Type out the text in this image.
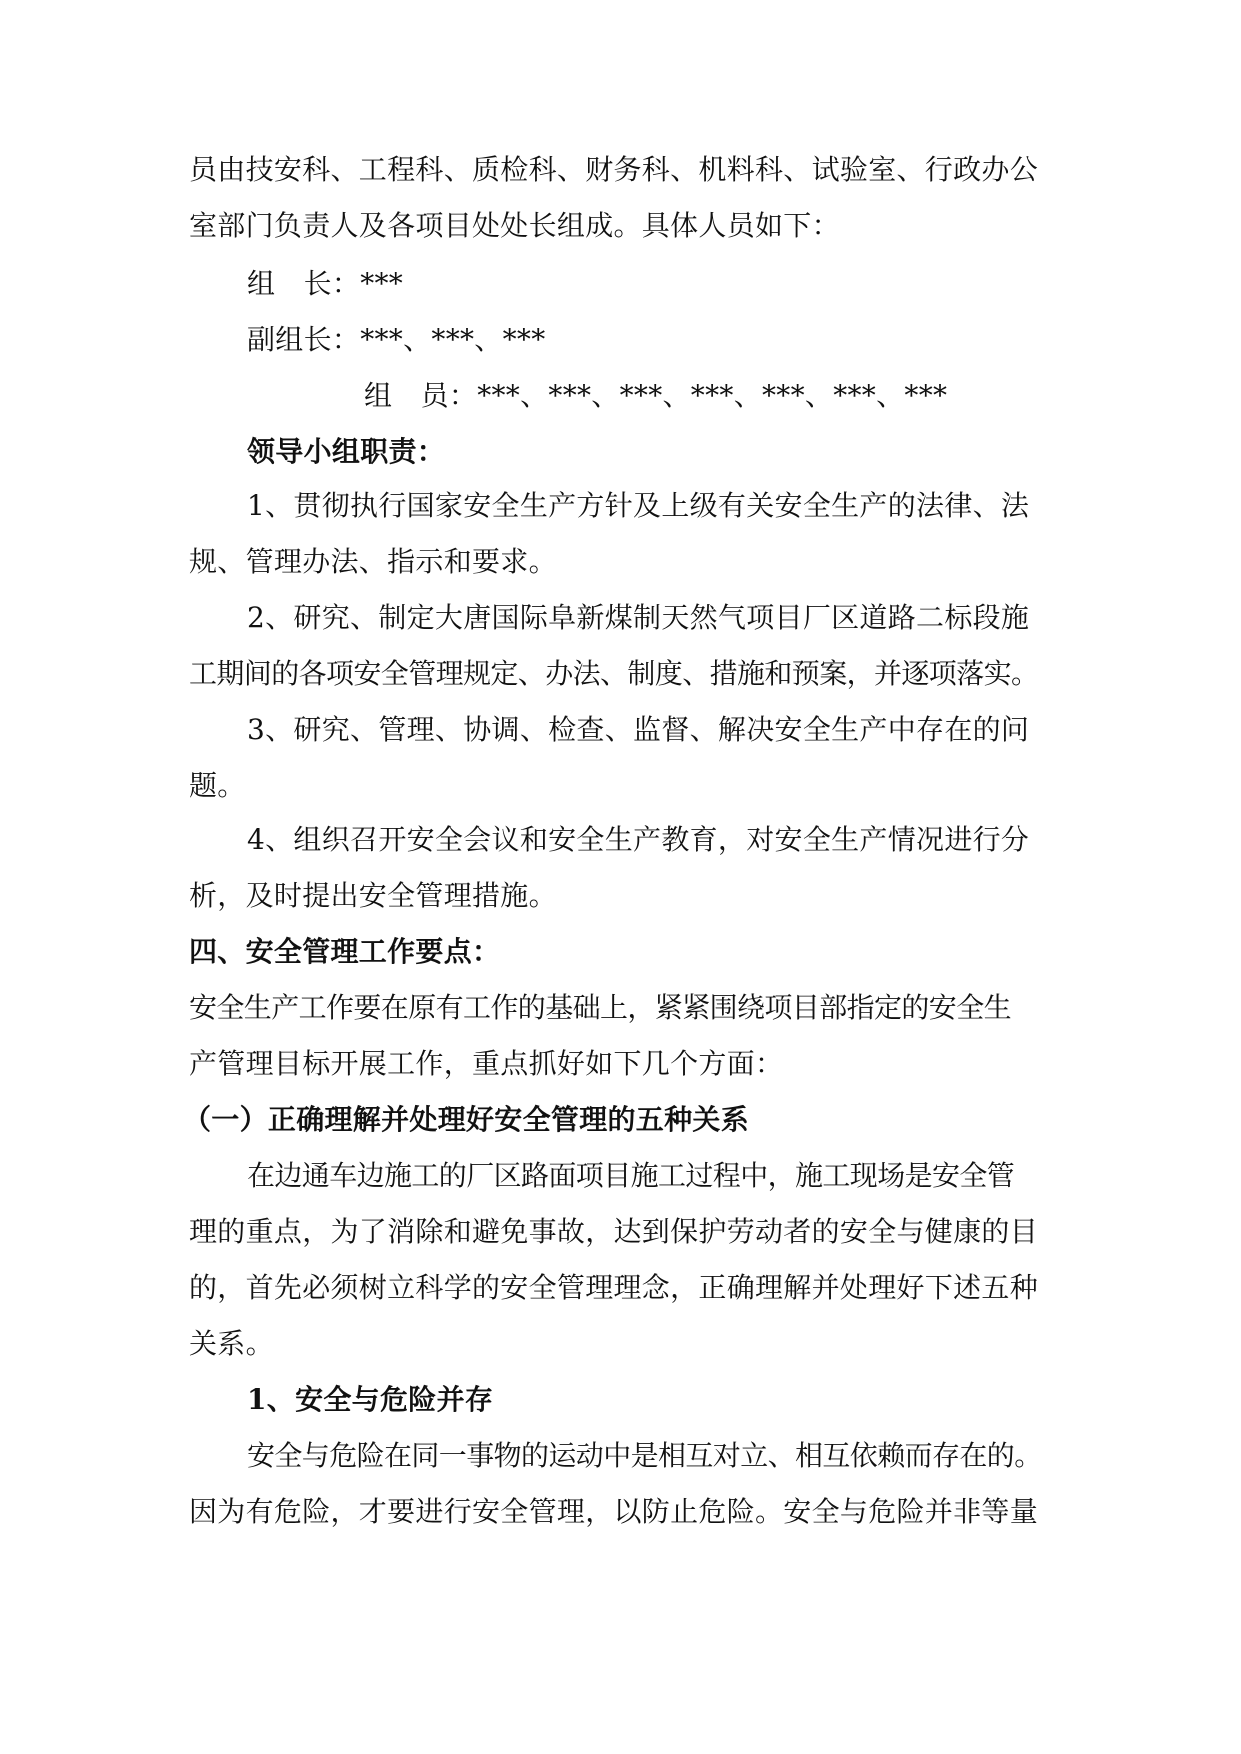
员由技安科、工程科、质检科、财务科、机料科、试验室、行政办公
室部门负责人及各项目处处长组成。具体人员如下：
组　长：***
副组长：***、***、***
组　员：***、***、***、***、***、***、***
领导小组职责：
1、贯彻执行国家安全生产方针及上级有关安全生产的法律、法
规、管理办法、指示和要求。
2、研究、制定大唐国际阜新煤制天然气项目厂区道路二标段施
工期间的各项安全管理规定、办法、制度、措施和预案，并逐项落实。
3、研究、管理、协调、检查、监督、解决安全生产中存在的问
题。
4、组织召开安全会议和安全生产教育，对安全生产情况进行分
析，及时提出安全管理措施。
四、安全管理工作要点：
安全生产工作要在原有工作的基础上，紧紧围绕项目部指定的安全生
产管理目标开展工作，重点抓好如下几个方面：
（一）正确理解并处理好安全管理的五种关系
在边通车边施工的厂区路面项目施工过程中，施工现场是安全管
理的重点，为了消除和避免事故，达到保护劳动者的安全与健康的目
的，首先必须树立科学的安全管理理念，正确理解并处理好下述五种
关系。
1、安全与危险并存
安全与危险在同一事物的运动中是相互对立、相互依赖而存在的。
因为有危险，才要进行安全管理，以防止危险。安全与危险并非等量
